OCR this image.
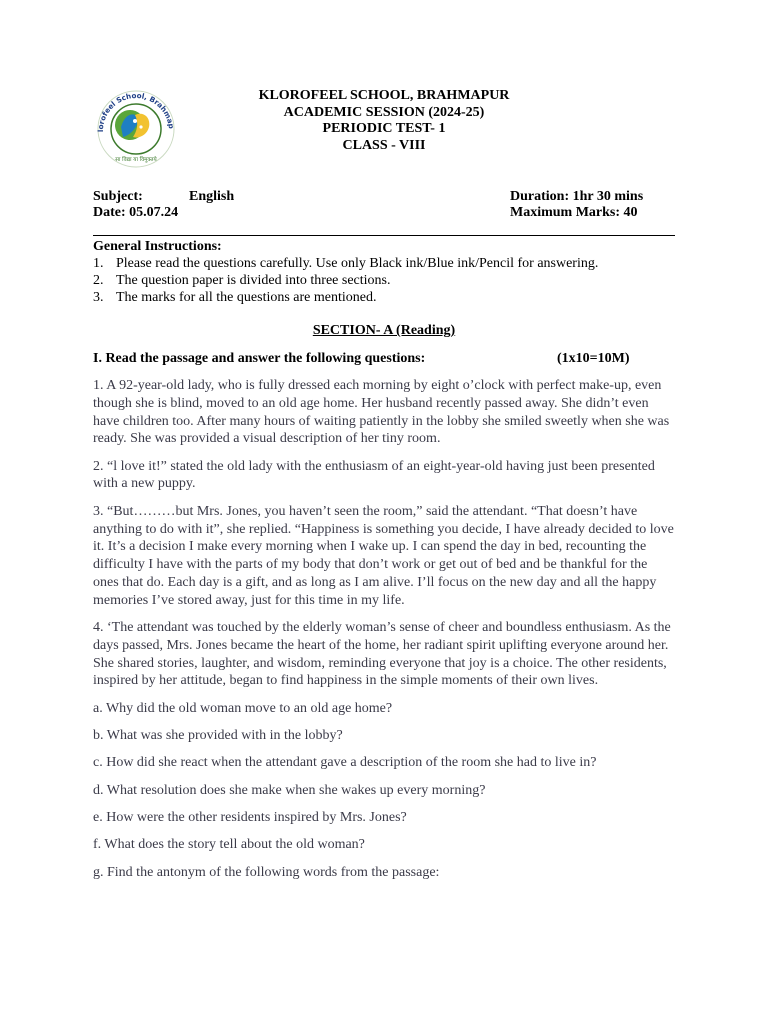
lorofeel School, Brahmap
सा विद्या या विमुक्तये
KLOROFEEL SCHOOL, BRAHMAPUR
ACADEMIC SESSION (2024-25)
PERIODIC TEST- 1
CLASS - VIII
Subject:	English	Duration: 1hr 30 mins
Date: 05.07.24	Maximum Marks: 40
General Instructions:
1. Please read the questions carefully. Use only Black ink/Blue ink/Pencil for answering.
2. The question paper is divided into three sections.
3. The marks for all the questions are mentioned.
SECTION- A (Reading)
I. Read the passage and answer the following questions:	(1x10=10M)

1. A 92-year-old lady, who is fully dressed each morning by eight o’clock with perfect make-up, even though she is blind, moved to an old age home. Her husband recently passed away. She didn’t even have children too. After many hours of waiting patiently in the lobby she smiled sweetly when she was ready. She was provided a visual description of her tiny room.

2. “l love it!” stated the old lady with the enthusiasm of an eight-year-old having just been presented with a new puppy.

3. “But………but Mrs. Jones, you haven’t seen the room,” said the attendant. “That doesn’t have anything to do with it”, she replied. “Happiness is something you decide, I have already decided to love it. It’s a decision I make every morning when I wake up. I can spend the day in bed, recounting the difficulty I have with the parts of my body that don’t work or get out of bed and be thankful for the ones that do. Each day is a gift, and as long as I am alive. I’ll focus on the new day and all the happy memories I’ve stored away, just for this time in my life.

4. ‘The attendant was touched by the elderly woman’s sense of cheer and boundless enthusiasm. As the days passed, Mrs. Jones became the heart of the home, her radiant spirit uplifting everyone around her. She shared stories, laughter, and wisdom, reminding everyone that joy is a choice. The other residents, inspired by her attitude, began to find happiness in the simple moments of their own lives.

a. Why did the old woman move to an old age home?

b. What was she provided with in the lobby?

c. How did she react when the attendant gave a description of the room she had to live in?

d. What resolution does she make when she wakes up every morning?

e. How were the other residents inspired by Mrs. Jones?

f. What does the story tell about the old woman?

g. Find the antonym of the following words from the passage:
